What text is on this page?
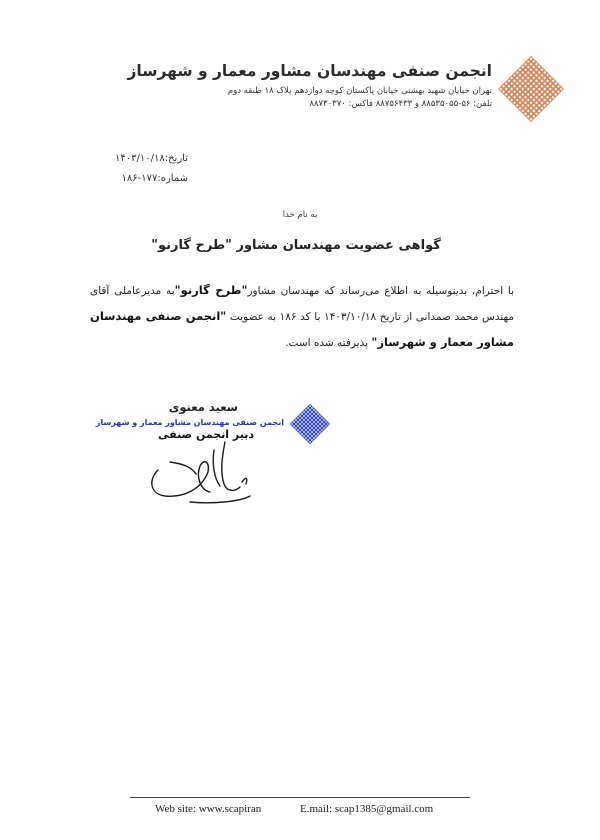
انجمن صنفی مهندسان مشاور معمار و شهرساز
تهران خیابان شهید بهشتی خیابان پاکستان کوچه دوازدهم پلاک ۱۸ طبقه دوم
تلفن: ۵۶-۸۸۵۳۵۰۵۵ و ۸۸۷۵۶۴۳۳ فاکس: ۸۸۷۳۰۳۷۰
تاریخ:۱۴۰۳/۱۰/۱۸
شماره:۱۷۷-۱۸۶
به نام خدا
گواهی عضویت مهندسان مشاور "طرح گارنو"
با احترام، بدینوسیله به اطلاع می‌رساند که مهندسان مشاور"طرح گارنو"به مدیرعاملی آقای مهندس محمد صمدانی از تاریخ ۱۴۰۳/۱۰/۱۸ با کد ۱۸۶ به عضویت "انجمن صنفی مهندسان مشاور معمار و شهرساز" پذیرفته شده است.
سعید معنوی
انجمن صنفی مهندسان مشاور معمار و شهرساز
دبیر انجمن صنفی
Web site: www.scapiran	E.mail: scap1385@gmail.com
